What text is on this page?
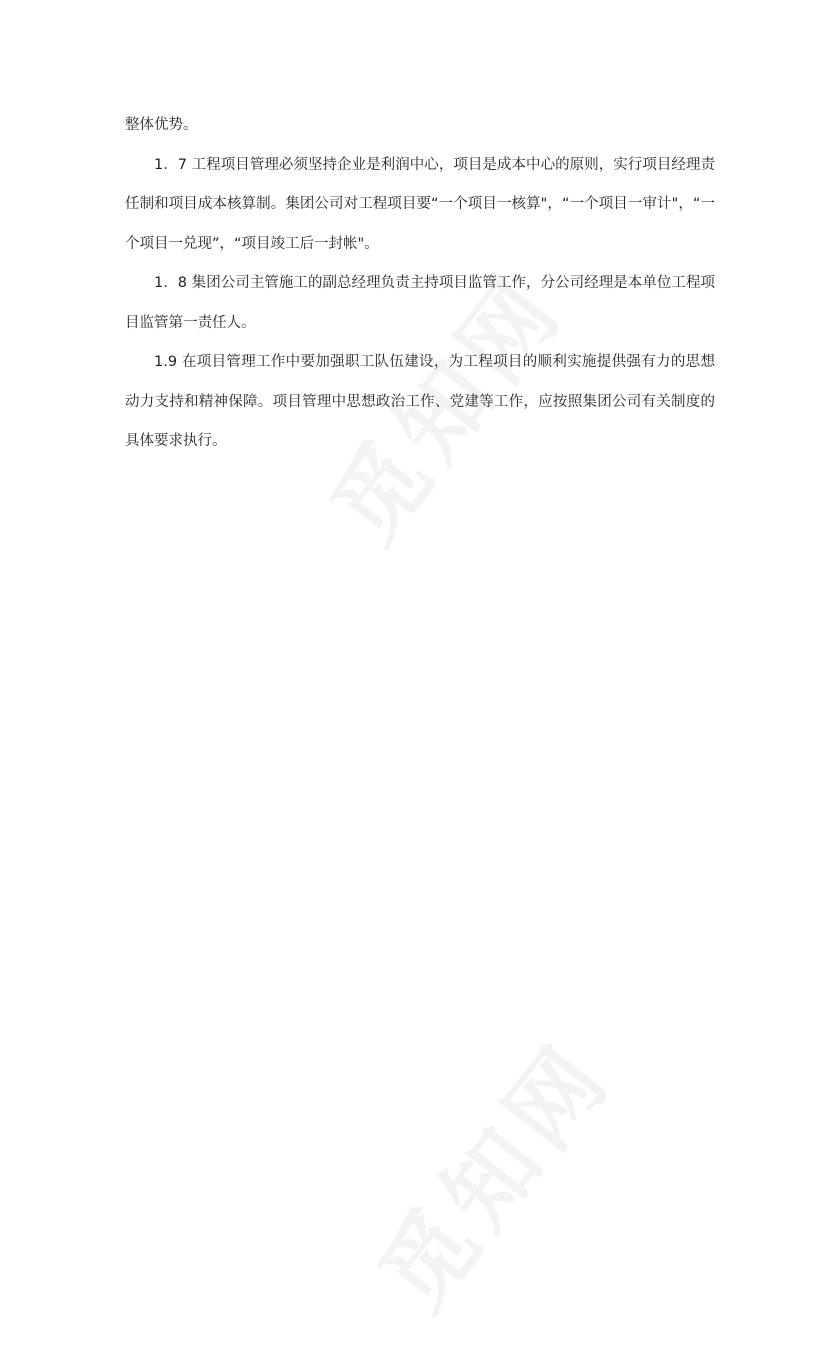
整体优势。

1．7 工程项目管理必须坚持企业是利润中心，项目是成本中心的原则，实行项目经理责任制和项目成本核算制。集团公司对工程项目要“一个项目一核算"，“一个项目一审计"，“一个项目一兑现”，“项目竣工后一封帐"。

1．8 集团公司主管施工的副总经理负责主持项目监管工作，分公司经理是本单位工程项目监管第一责任人。

1.9 在项目管理工作中要加强职工队伍建设，为工程项目的顺利实施提供强有力的思想动力支持和精神保障。项目管理中思想政治工作、党建等工作，应按照集团公司有关制度的具体要求执行。
